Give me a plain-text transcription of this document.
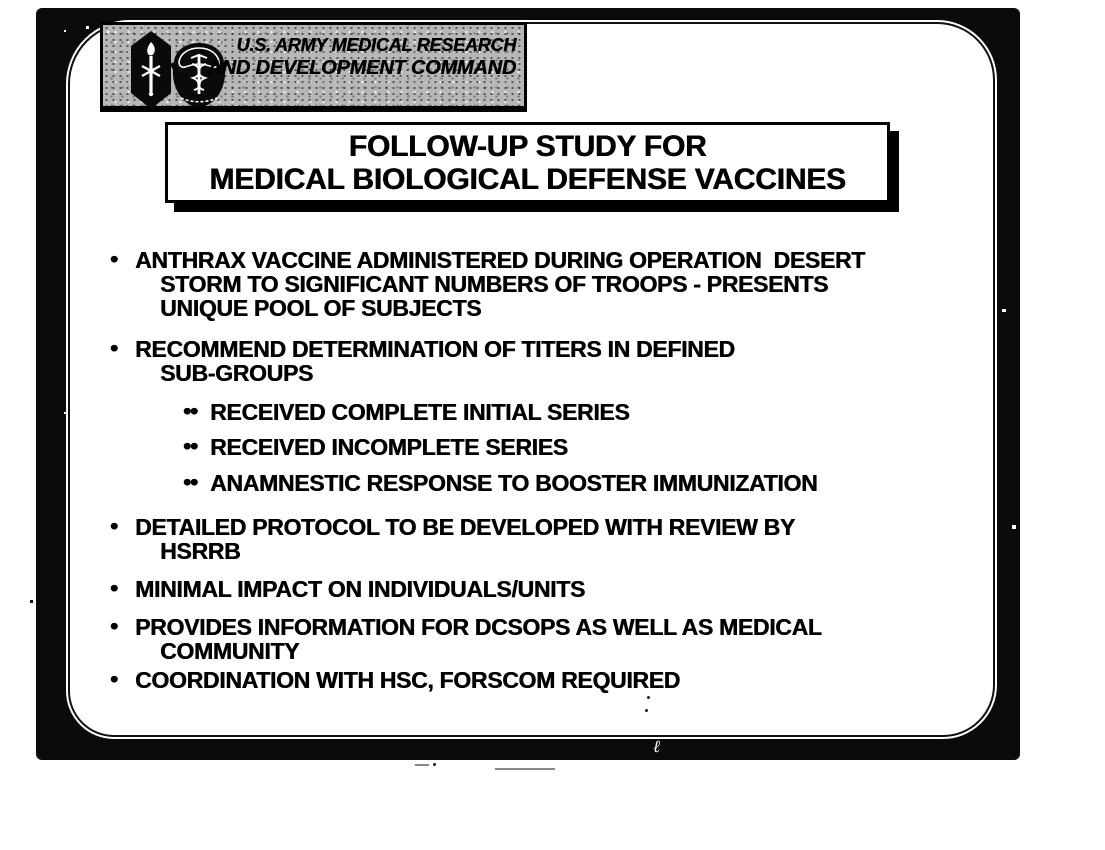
U.S. ARMY MEDICAL RESEARCH
AND DEVELOPMENT COMMAND
FOLLOW-UP STUDY FOR
MEDICAL BIOLOGICAL DEFENSE VACCINES
• ANTHRAX VACCINE ADMINISTERED DURING OPERATION  DESERT
STORM TO SIGNIFICANT NUMBERS OF TROOPS - PRESENTS
UNIQUE POOL OF SUBJECTS
• RECOMMEND DETERMINATION OF TITERS IN DEFINED
SUB-GROUPS
•• RECEIVED COMPLETE INITIAL SERIES
•• RECEIVED INCOMPLETE SERIES
•• ANAMNESTIC RESPONSE TO BOOSTER IMMUNIZATION
• DETAILED PROTOCOL TO BE DEVELOPED WITH REVIEW BY
HSRRB
• MINIMAL IMPACT ON INDIVIDUALS/UNITS
• PROVIDES INFORMATION FOR DCSOPS AS WELL AS MEDICAL
COMMUNITY
• COORDINATION WITH HSC, FORSCOM REQUIRED
ℓ
